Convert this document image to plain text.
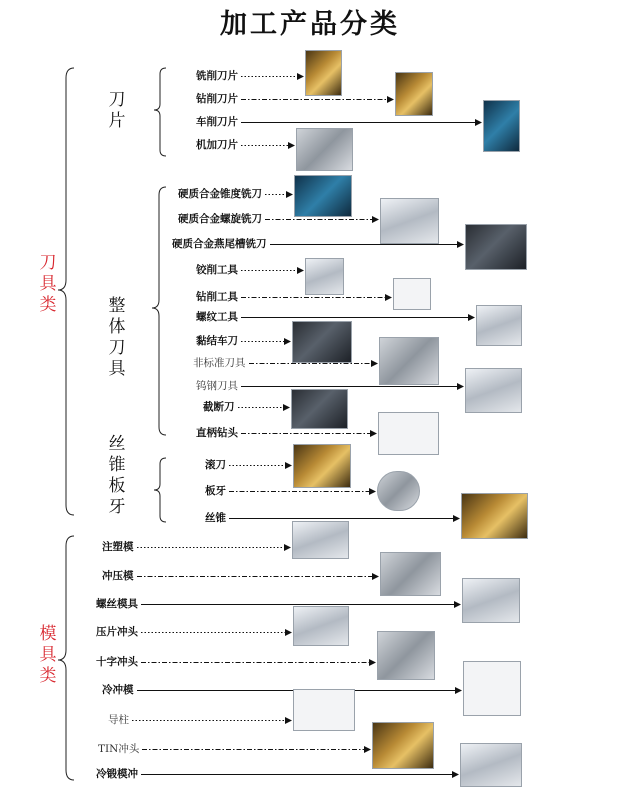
加工产品分类
刀具类
模具类
刀片
整体刀具
丝锥板牙
铣削刀片
钻削刀片
车削刀片
机加刀片
硬质合金锥度铣刀
硬质合金螺旋铣刀
硬质合金燕尾槽铣刀
铰削工具
钻削工具
螺纹工具
黏结车刀
非标准刀具
钨钢刀具
截断刀
直柄钻头
滚刀
板牙
丝锥
注塑模
冲压模
螺丝模具
压片冲头
十字冲头
冷冲模
导柱
TIN冲头
冷锻模冲
